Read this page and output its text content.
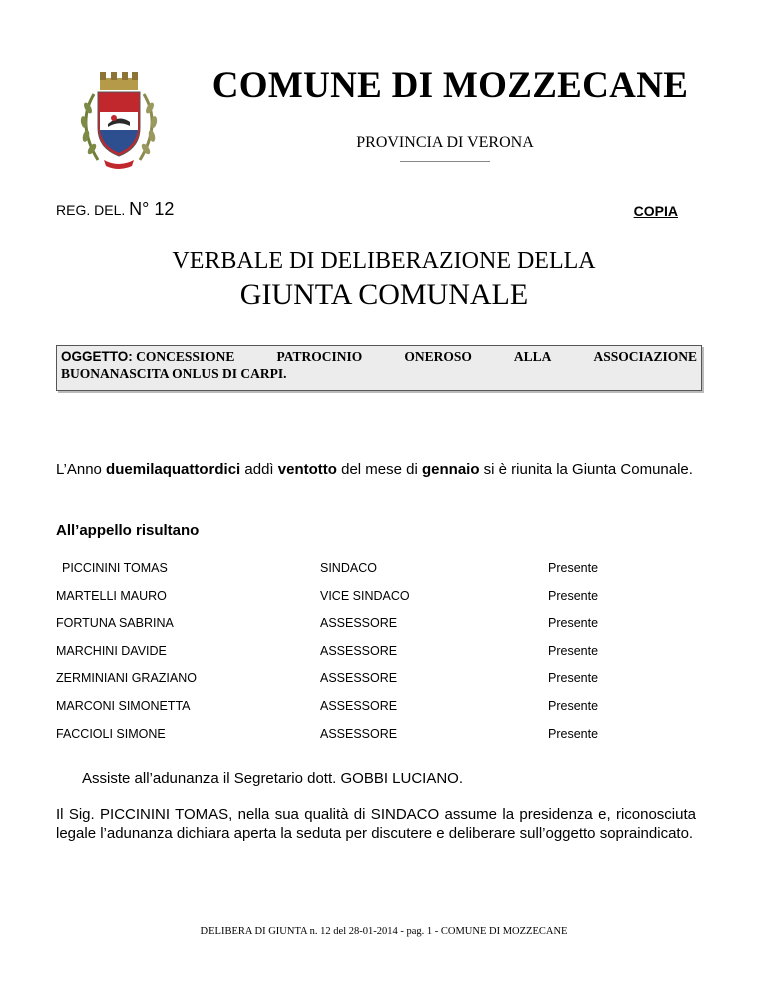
COMUNE DI MOZZECANE
PROVINCIA DI VERONA
REG. DEL. N° 12	COPIA
VERBALE DI DELIBERAZIONE DELLA
GIUNTA COMUNALE
OGGETTO: CONCESSIONE	PATROCINIO	ONEROSO	ALLA	ASSOCIAZIONE
BUONANASCITA ONLUS DI CARPI.
L’Anno duemilaquattordici addì ventotto del mese di gennaio si è riunita la Giunta Comunale.
All’appello risultano
PICCININI TOMAS	SINDACO	Presente
MARTELLI MAURO	VICE SINDACO	Presente
FORTUNA SABRINA	ASSESSORE	Presente
MARCHINI DAVIDE	ASSESSORE	Presente
ZERMINIANI GRAZIANO	ASSESSORE	Presente
MARCONI SIMONETTA	ASSESSORE	Presente
FACCIOLI SIMONE	ASSESSORE	Presente
Assiste all’adunanza il Segretario dott. GOBBI LUCIANO.
Il Sig. PICCININI TOMAS, nella sua qualità di SINDACO assume la presidenza e, riconosciuta legale l’adunanza dichiara aperta la seduta per discutere e deliberare sull’oggetto sopraindicato.
DELIBERA DI GIUNTA n. 12 del 28-01-2014 - pag. 1 - COMUNE DI MOZZECANE
